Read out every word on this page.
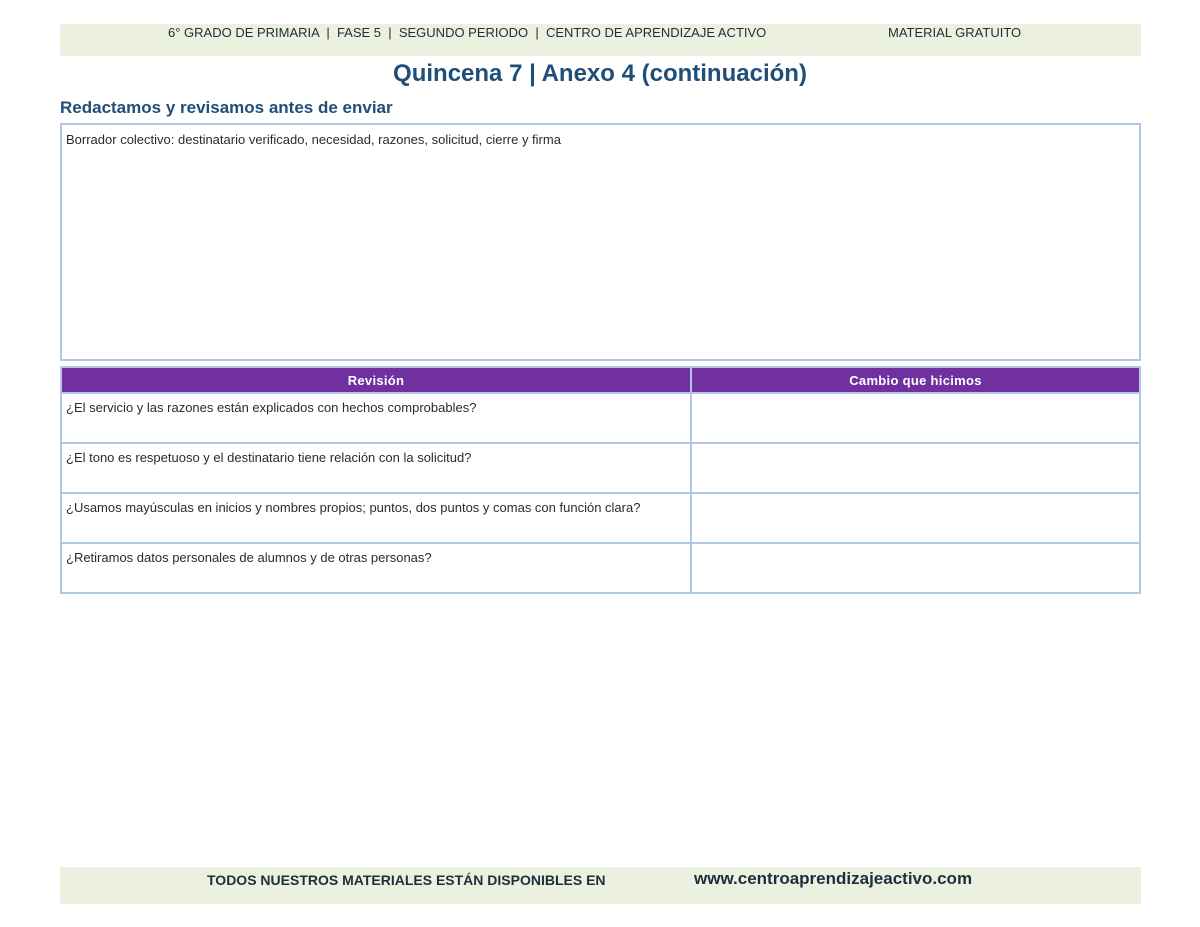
6° GRADO DE PRIMARIA  |  FASE 5  |  SEGUNDO PERIODO  |  CENTRO DE APRENDIZAJE ACTIVO	MATERIAL GRATUITO
Quincena 7 | Anexo 4 (continuación)
Redactamos y revisamos antes de enviar
Borrador colectivo: destinatario verificado, necesidad, razones, solicitud, cierre y firma
Revisión	Cambio que hicimos
¿El servicio y las razones están explicados con hechos comprobables?	
¿El tono es respetuoso y el destinatario tiene relación con la solicitud?	
¿Usamos mayúsculas en inicios y nombres propios; puntos, dos puntos y comas con función clara?	
¿Retiramos datos personales de alumnos y de otras personas?	
TODOS NUESTROS MATERIALES ESTÁN DISPONIBLES EN	www.centroaprendizajeactivo.com
